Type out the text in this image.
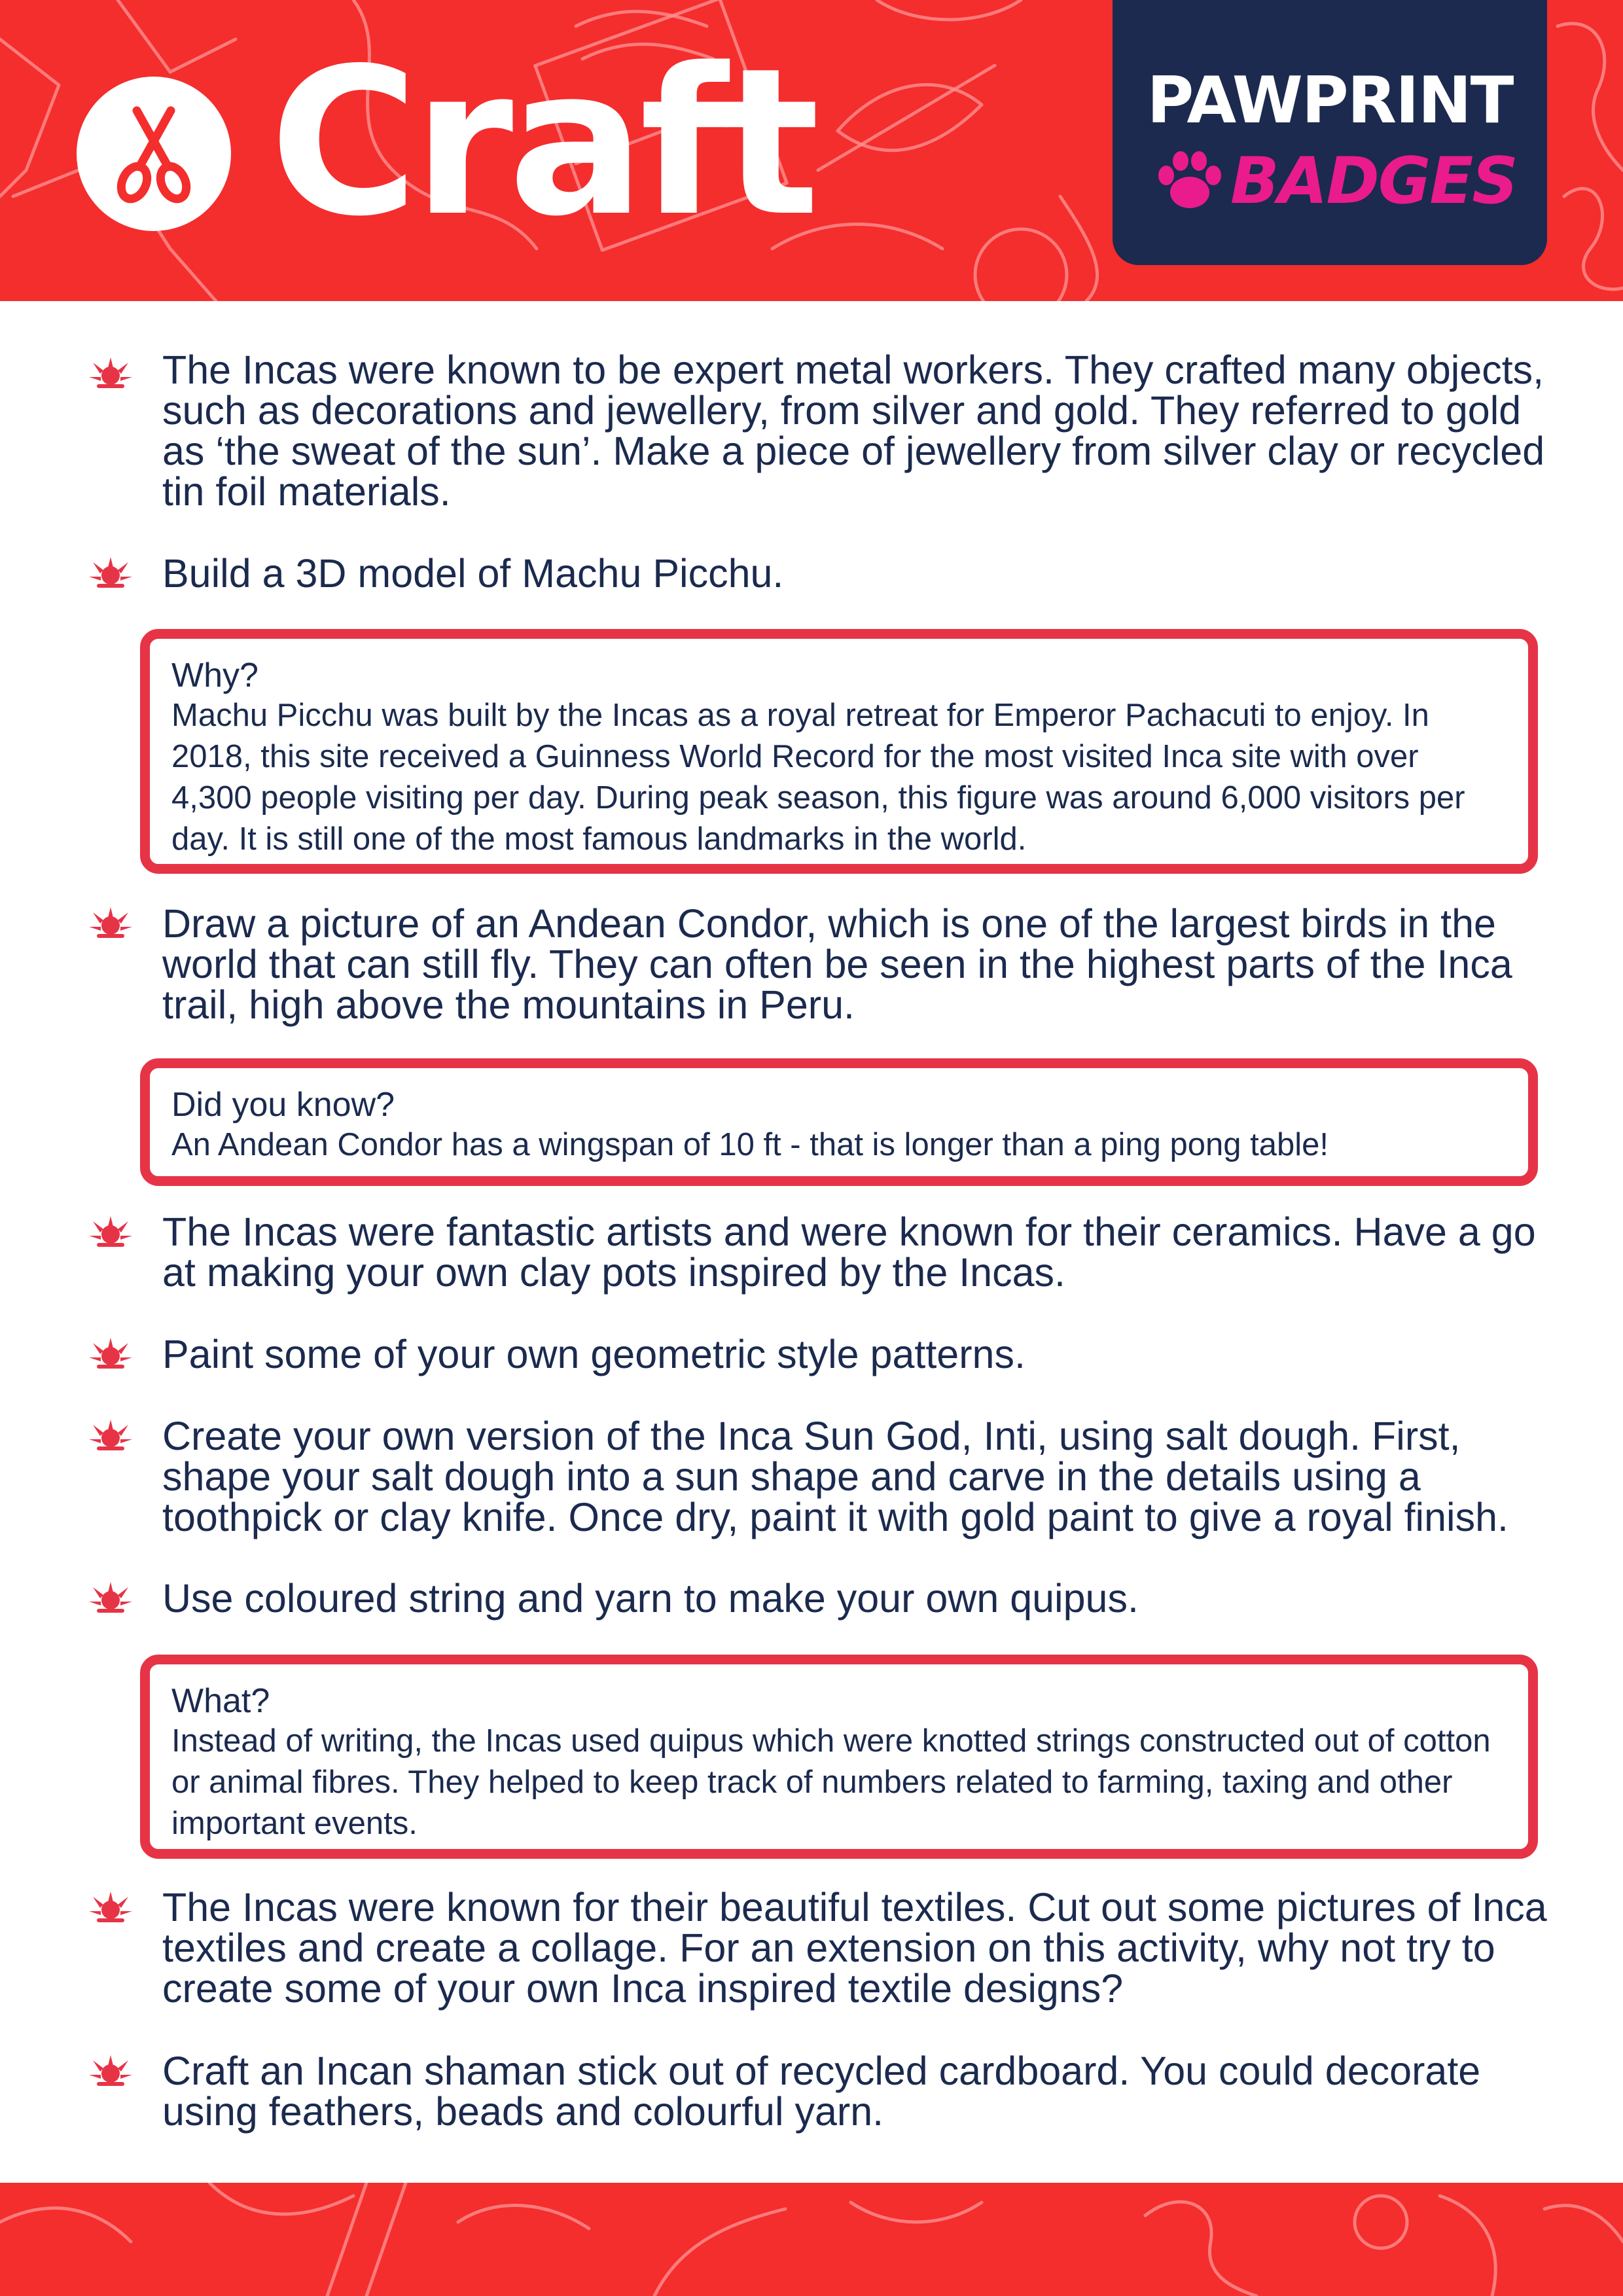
Craft	PAWPRINT
BADGES
The Incas were known to be expert metal workers. They crafted many objects, such as decorations and jewellery, from silver and gold. They referred to gold as ‘the sweat of the sun’. Make a piece of jewellery from silver clay or recycled tin foil materials.
Build a 3D model of Machu Picchu.
Why?
Machu Picchu was built by the Incas as a royal retreat for Emperor Pachacuti to enjoy. In 2018, this site received a Guinness World Record for the most visited Inca site with over 4,300 people visiting per day. During peak season, this figure was around 6,000 visitors per day. It is still one of the most famous landmarks in the world.
Draw a picture of an Andean Condor, which is one of the largest birds in the world that can still fly. They can often be seen in the highest parts of the Inca trail, high above the mountains in Peru.
Did you know?
An Andean Condor has a wingspan of 10 ft - that is longer than a ping pong table!
The Incas were fantastic artists and were known for their ceramics. Have a go at making your own clay pots inspired by the Incas.
Paint some of your own geometric style patterns.
Create your own version of the Inca Sun God, Inti, using salt dough. First, shape your salt dough into a sun shape and carve in the details using a toothpick or clay knife. Once dry, paint it with gold paint to give a royal finish.
Use coloured string and yarn to make your own quipus.
What?
Instead of writing, the Incas used quipus which were knotted strings constructed out of cotton or animal fibres. They helped to keep track of numbers related to farming, taxing and other important events.
The Incas were known for their beautiful textiles. Cut out some pictures of Inca textiles and create a collage. For an extension on this activity, why not try to create some of your own Inca inspired textile designs?
Craft an Incan shaman stick out of recycled cardboard. You could decorate using feathers, beads and colourful yarn.
